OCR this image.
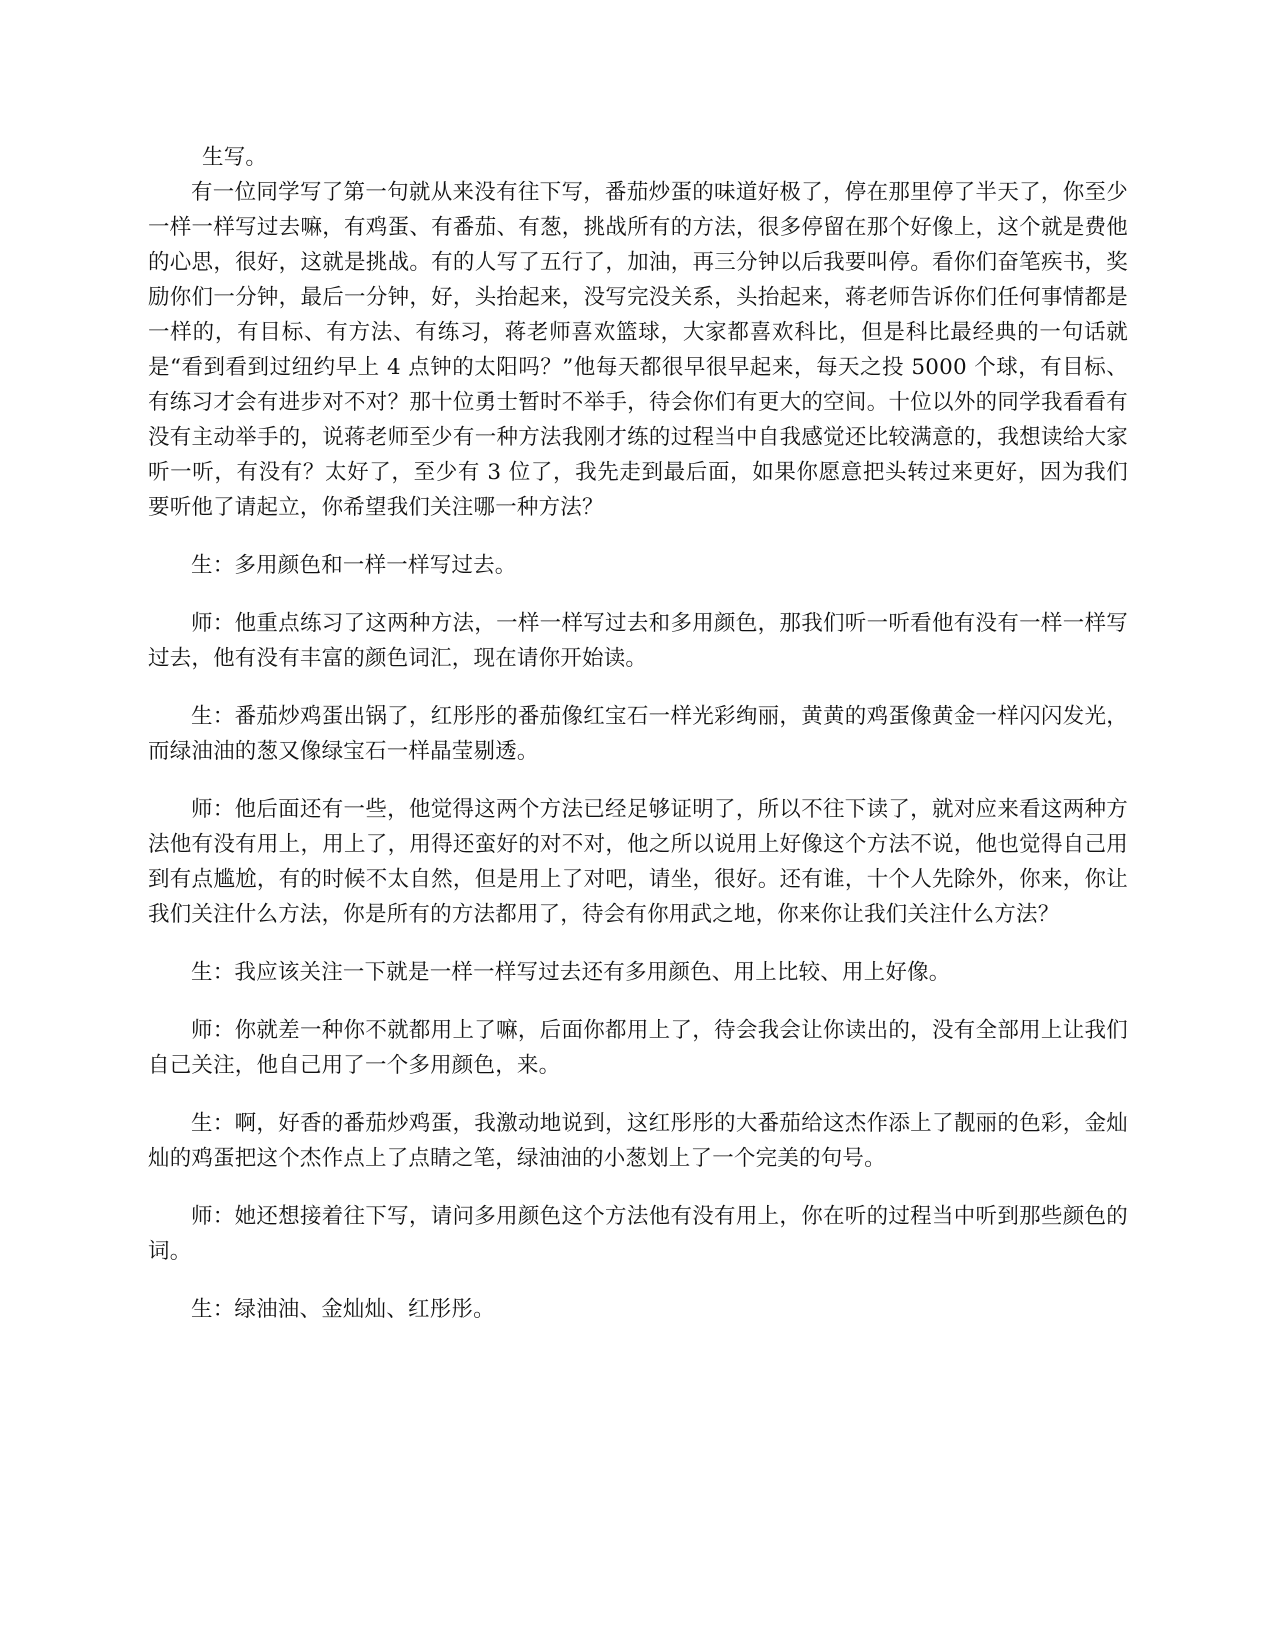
生写。

有一位同学写了第一句就从来没有往下写，番茄炒蛋的味道好极了，停在那里停了半天了，你至少一样一样写过去嘛，有鸡蛋、有番茄、有葱，挑战所有的方法，很多停留在那个好像上，这个就是费他的心思，很好，这就是挑战。有的人写了五行了，加油，再三分钟以后我要叫停。看你们奋笔疾书，奖励你们一分钟，最后一分钟，好，头抬起来，没写完没关系，头抬起来，蒋老师告诉你们任何事情都是一样的，有目标、有方法、有练习，蒋老师喜欢篮球，大家都喜欢科比，但是科比最经典的一句话就是“看到看到过纽约早上 4 点钟的太阳吗？”他每天都很早很早起来，每天之投 5000 个球，有目标、有练习才会有进步对不对？那十位勇士暂时不举手，待会你们有更大的空间。十位以外的同学我看看有没有主动举手的，说蒋老师至少有一种方法我刚才练的过程当中自我感觉还比较满意的，我想读给大家听一听，有没有？太好了，至少有 3 位了，我先走到最后面，如果你愿意把头转过来更好，因为我们要听他了请起立，你希望我们关注哪一种方法？

生：多用颜色和一样一样写过去。

师：他重点练习了这两种方法，一样一样写过去和多用颜色，那我们听一听看他有没有一样一样写过去，他有没有丰富的颜色词汇，现在请你开始读。

生：番茄炒鸡蛋出锅了，红彤彤的番茄像红宝石一样光彩绚丽，黄黄的鸡蛋像黄金一样闪闪发光，而绿油油的葱又像绿宝石一样晶莹剔透。

师：他后面还有一些，他觉得这两个方法已经足够证明了，所以不往下读了，就对应来看这两种方法他有没有用上，用上了，用得还蛮好的对不对，他之所以说用上好像这个方法不说，他也觉得自己用到有点尴尬，有的时候不太自然，但是用上了对吧，请坐，很好。还有谁，十个人先除外，你来，你让我们关注什么方法，你是所有的方法都用了，待会有你用武之地，你来你让我们关注什么方法？

生：我应该关注一下就是一样一样写过去还有多用颜色、用上比较、用上好像。

师：你就差一种你不就都用上了嘛，后面你都用上了，待会我会让你读出的，没有全部用上让我们自己关注，他自己用了一个多用颜色，来。

生：啊，好香的番茄炒鸡蛋，我激动地说到，这红彤彤的大番茄给这杰作添上了靓丽的色彩，金灿灿的鸡蛋把这个杰作点上了点睛之笔，绿油油的小葱划上了一个完美的句号。

师：她还想接着往下写，请问多用颜色这个方法他有没有用上，你在听的过程当中听到那些颜色的词。

生：绿油油、金灿灿、红彤彤。
